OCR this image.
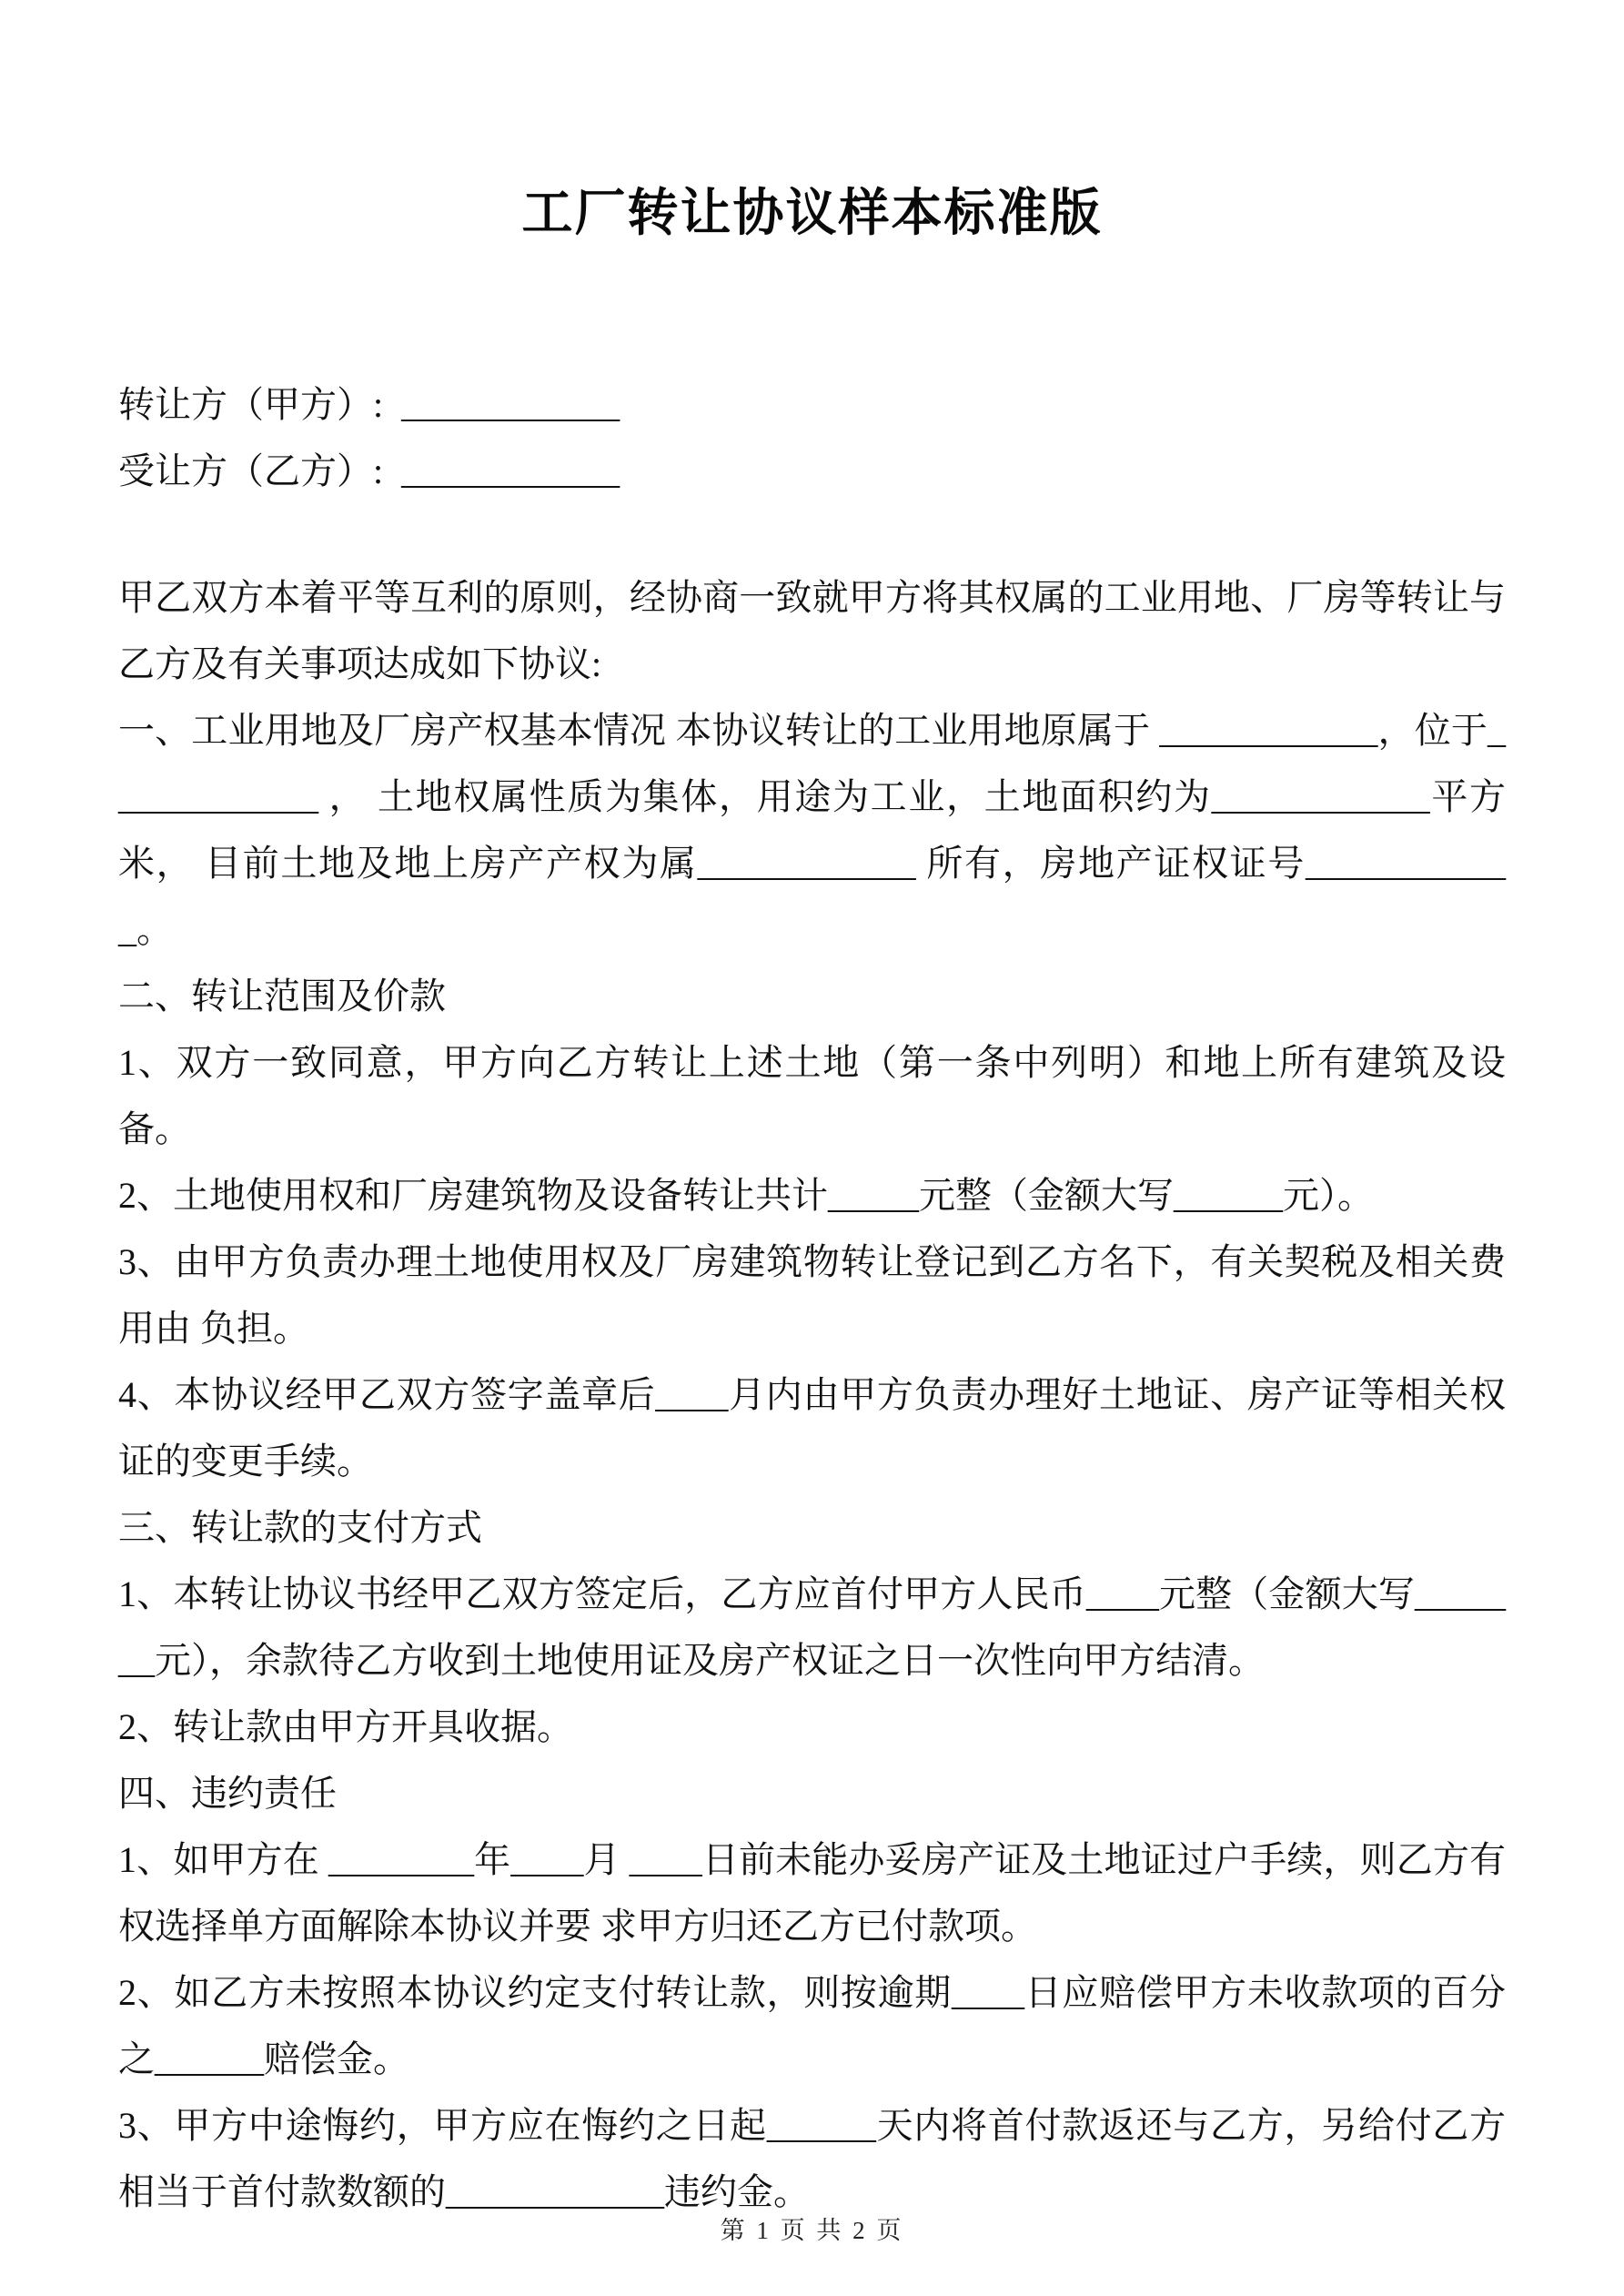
工厂转让协议样本标准版

转让方（甲方）:  ____________

受让方（乙方）:  ____________

甲乙双方本着平等互利的原则，经协商一致就甲方将其权属的工业用地、厂房等转让与乙方及有关事项达成如下协议:

一、工业用地及厂房产权基本情况 本协议转让的工业用地原属于 ____________，位于____________ ， 土地权属性质为集体，用途为工业，土地面积约为____________平方米， 目前土地及地上房产产权为属____________ 所有，房地产证权证号____________。

二、转让范围及价款

1、双方一致同意，甲方向乙方转让上述土地（第一条中列明）和地上所有建筑及设备。

2、土地使用权和厂房建筑物及设备转让共计_____元整（金额大写______元）。

3、由甲方负责办理土地使用权及厂房建筑物转让登记到乙方名下，有关契税及相关费用由 负担。

4、本协议经甲乙双方签字盖章后____月内由甲方负责办理好土地证、房产证等相关权证的变更手续。

三、转让款的支付方式

1、本转让协议书经甲乙双方签定后，乙方应首付甲方人民币____元整（金额大写_______元），余款待乙方收到土地使用证及房产权证之日一次性向甲方结清。

2、转让款由甲方开具收据。

四、违约责任

1、如甲方在 ________年____月 ____日前未能办妥房产证及土地证过户手续，则乙方有权选择单方面解除本协议并要 求甲方归还乙方已付款项。

2、如乙方未按照本协议约定支付转让款，则按逾期____日应赔偿甲方未收款项的百分之______赔偿金。

3、甲方中途悔约，甲方应在悔约之日起______天内将首付款返还与乙方，另给付乙方相当于首付款数额的____________违约金。

第 1 页 共 2 页
